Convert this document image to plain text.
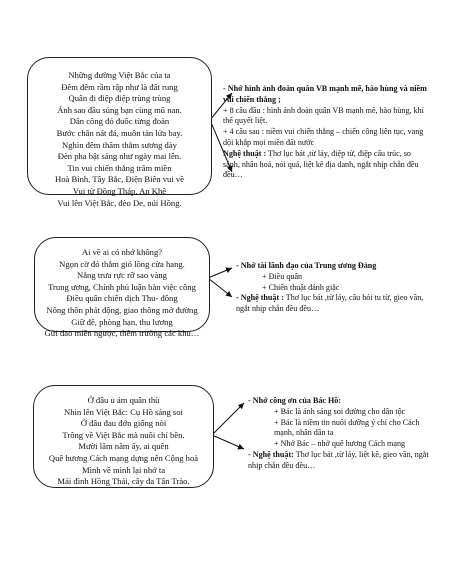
Những đường Việt Bắc của ta
Đêm đêm rầm rập như là đất rung
Quân đi điệp điệp trùng trùng
Ánh sao đầu súng bạn cùng mũ nan.
Dân công đỏ đuốc từng đoàn
Bước chân nát đá, muôn tàn lửa bay.
Nghìn đêm thăm thẳm sương dày
Đèn pha bật sáng như ngày mai lên.
Tin vui chiến thắng trăm miền
Hoà Bình, Tây Bắc, Điện Biên vui về
Vui từ Đồng Tháp, An Khê
Vui lên Việt Bắc, đèo De, núi Hồng.
- Nhớ hình ảnh đoàn quân VB mạnh mẽ, hào hùng và niềm vui chiến thắng ;
+ 8 câu đầu : hình ảnh đoàn quân VB mạnh mẽ, hào hùng, khí thế quyết liệt.
+ 4 câu sau : niềm vui chiến thắng – chiến công liên tục, vang dội khắp mọi miền đất nước
Nghệ thuật : Thơ lục bát ,từ láy, điệp từ, điệp cấu trúc, so sánh, nhân hoá, nói quá, liệt kê địa danh, ngắt nhịp chẵn đều đều…
Ai về ai có nhớ không?
Ngọn cờ đỏ thắm gió lồng cửa hang.
Nắng trưa rực rỡ sao vàng
Trung ương, Chính phủ luận bàn việc công
Điều quân chiến dịch Thu- đông
Nông thôn phát động, giao thông mở đường
Giữ đê, phòng hạn, thu lương
Gửi dao miền ngược, thêm trường các khu…
- Nhớ tài lãnh đạo của Trung ương Đảng
+ Điều quân
+ Chiến thuật đánh giặc
- Nghệ thuật : Thơ lục bát ,từ láy, câu hỏi tu từ, gieo vần, ngắt nhịp chẵn đều đều…
Ở đâu u ám quân thù
Nhìn lên Việt Bắc: Cụ Hồ sáng soi
Ở đâu đau đớn giống nòi
Trông về Việt Bắc mà nuôi chí bền.
Mười lăm năm ấy, ai quên
Quê hương Cách mạng dựng nên Cộng hoà
Mình về mình lại nhớ ta
Mái đình Hồng Thái, cây đa Tân Trào.
- Nhớ công ơn của Bác Hồ:
+ Bác là ánh sáng soi đường cho dân tộc
+ Bác là niềm tin nuôi dưỡng ý chí cho Cách mạnh, nhân dân ta
+ Nhớ Bác – nhớ quê hương Cách mạng
- Nghệ thuật: Thơ lục bát ,từ láy, liệt kê, gieo vần, ngắt nhịp chẵn đều đều…
